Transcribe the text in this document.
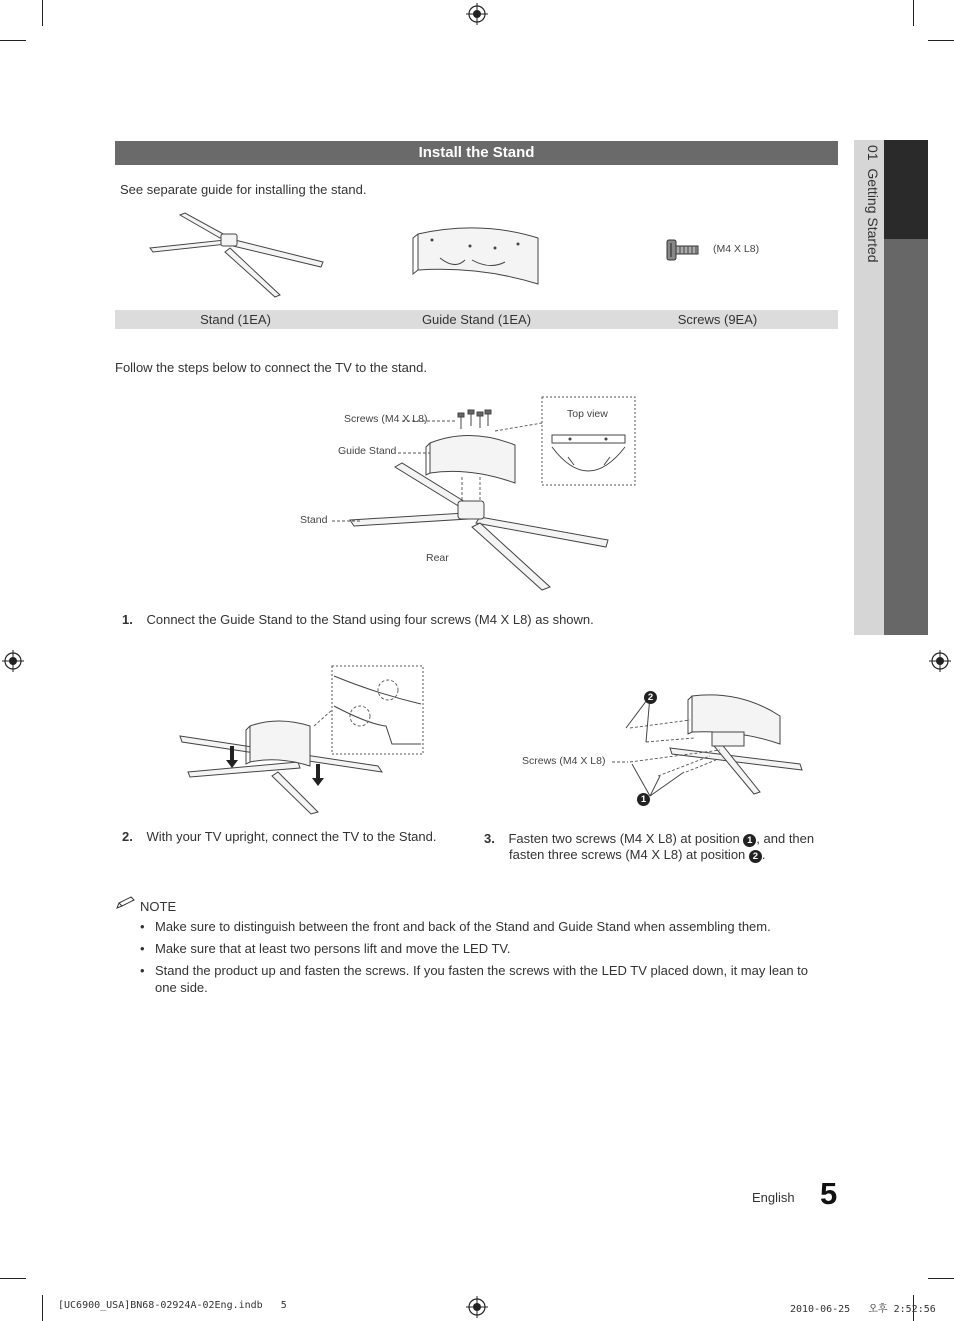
01  Getting Started
Install the Stand
See separate guide for installing the stand.
(M4 X L8)
Stand (1EA)	Guide Stand (1EA)	Screws (9EA)
Follow the steps below to connect the TV to the stand.
Screws (M4 X L8)
Guide Stand
Stand
Rear
Top view
1. Connect the Guide Stand to the Stand using four screws (M4 X L8) as shown.
Screws (M4 X L8)
2
1
2. With your TV upright, connect the TV to the Stand.	3. Fasten two screws (M4 X L8) at position 1 , and then
fasten three screws (M4 X L8) at position 2 .
NOTE
• Make sure to distinguish between the front and back of the Stand and Guide Stand when assembling them.
• Make sure that at least two persons lift and move the LED TV.
• Stand the product up and fasten the screws. If you fasten the screws with the LED TV placed down, it may lean to one side.
English 5
[UC6900_USA]BN68-02924A-02Eng.indb   5	2010-06-25   오후 2:52:56
